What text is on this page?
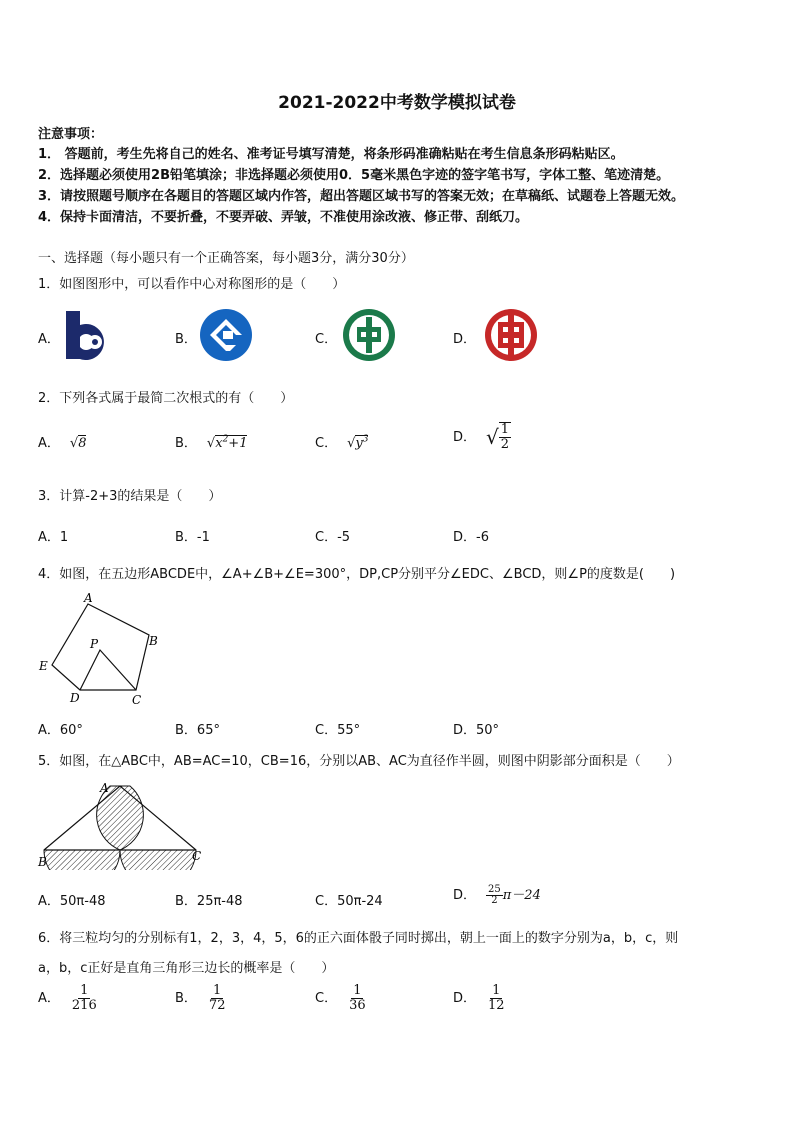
2021-2022中考数学模拟试卷
注意事项：
1． 答题前，考生先将自己的姓名、准考证号填写清楚，将条形码准确粘贴在考生信息条形码粘贴区。
2．选择题必须使用2B铅笔填涂；非选择题必须使用0．5毫米黑色字迹的签字笔书写，字体工整、笔迹清楚。
3．请按照题号顺序在各题目的答题区域内作答，超出答题区域书写的答案无效；在草稿纸、试题卷上答题无效。
4．保持卡面清洁，不要折叠，不要弄破、弄皱，不准使用涂改液、修正带、刮纸刀。
一、选择题（每小题只有一个正确答案，每小题3分，满分30分）
1．如图图形中，可以看作中心对称图形的是（　　）
A．	B．	C．	D．
2．下列各式属于最简二次根式的有（　　）
A． √8	B． $√x^2+1$	C． $√y^3$	D． √ $\frac{1}{2}$
3．计算-2+3的结果是（　　）
A．1	B．-1	C．-5	D．-6
4．如图，在五边形ABCDE中，∠A+∠B+∠E=300°，DP,CP分别平分∠EDC、∠BCD，则∠P的度数是(　　)
A
B
C
D
E
P
A．60°	B．65°	C．55°	D．50°
5．如图，在△ABC中，AB=AC=10，CB=16，分别以AB、AC为直径作半圆，则图中阴影部分面积是（　　）
A
B	C
A．50π-48	B．25π-48	C．50π-24	D． $\frac{25}{2} \pi-24$
6．将三粒均匀的分别标有1，2，3，4，5，6的正六面体骰子同时掷出，朝上一面上的数字分别为a，b，c，则
a，b，c正好是直角三角形三边长的概率是（　　）
A． $\frac{1}{216}$	B． $\frac{1}{72}$	C． $\frac{1}{36}$	D． $\frac{1}{12}$
